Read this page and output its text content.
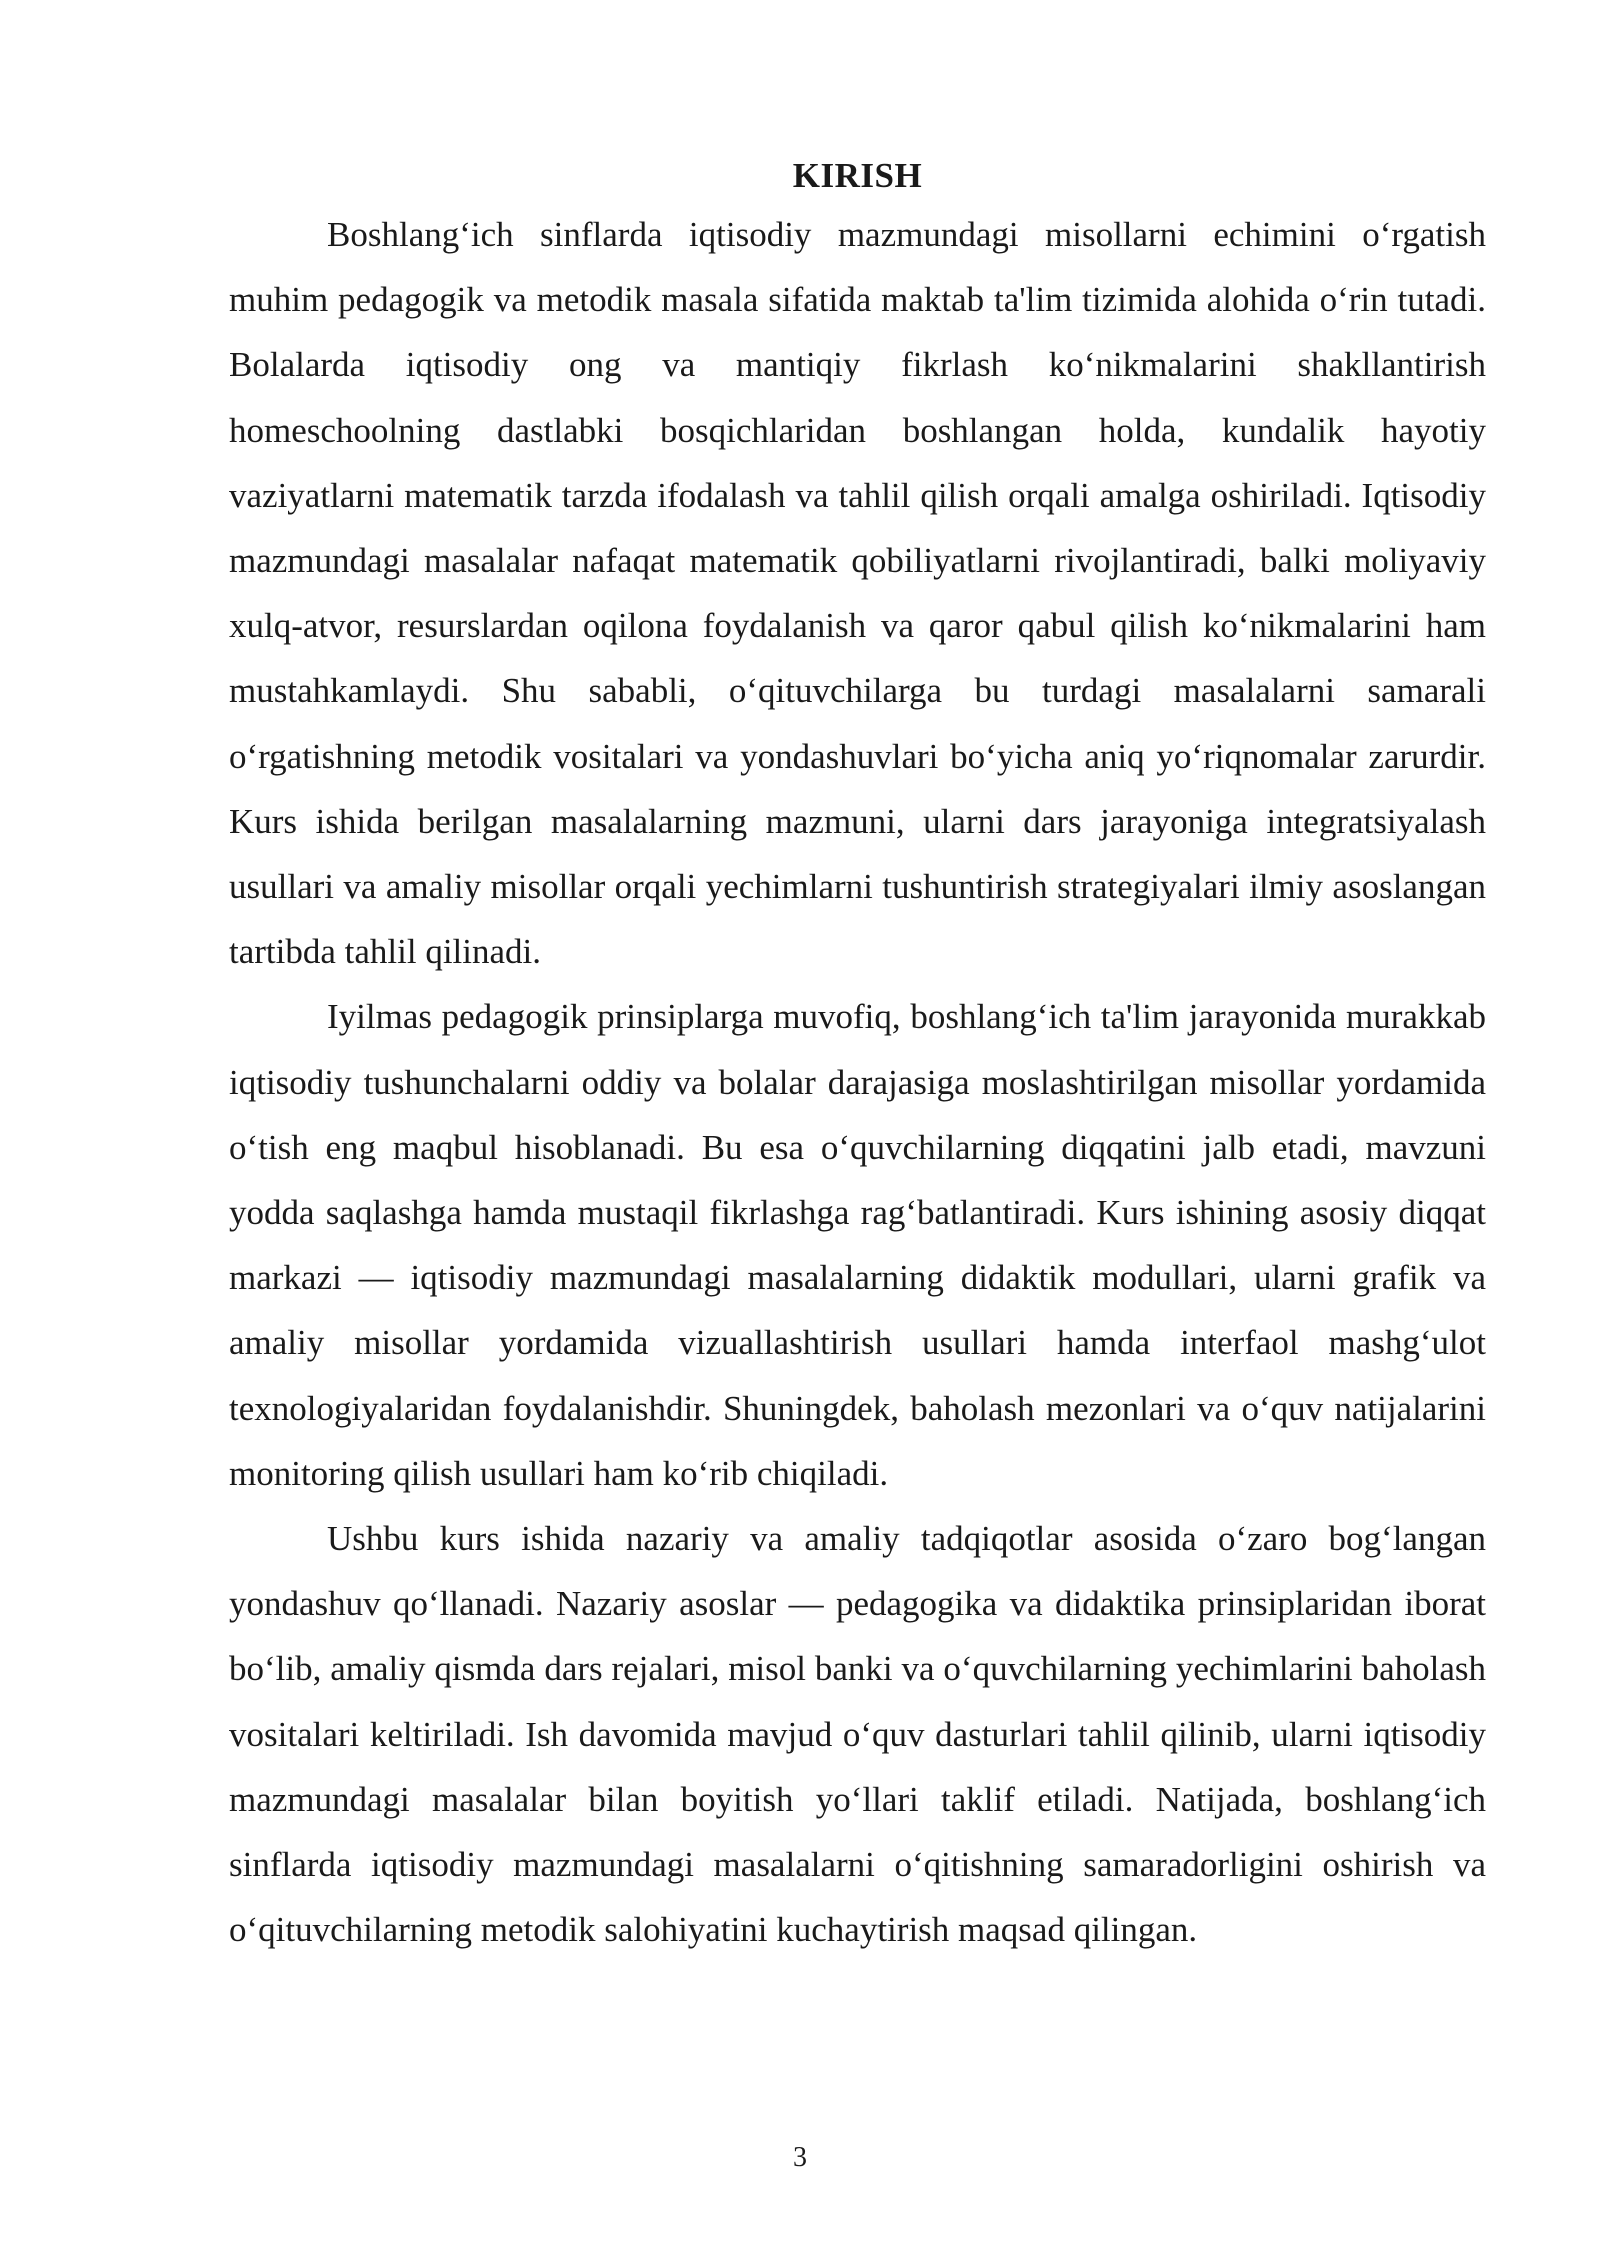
KIRISH

Boshlang‘ich sinflarda iqtisodiy mazmundagi misollarni echimini o‘rgatish muhim pedagogik va metodik masala sifatida maktab ta'lim tizimida alohida o‘rin tutadi. Bolalarda iqtisodiy ong va mantiqiy fikrlash ko‘nikmalarini shakllantirish homeschoolning dastlabki bosqichlaridan boshlangan holda, kundalik hayotiy vaziyatlarni matematik tarzda ifodalash va tahlil qilish orqali amalga oshiriladi. Iqtisodiy mazmundagi masalalar nafaqat matematik qobiliyatlarni rivojlantiradi, balki moliyaviy xulq-atvor, resurslardan oqilona foydalanish va qaror qabul qilish ko‘nikmalarini ham mustahkamlaydi. Shu sababli, o‘qituvchilarga bu turdagi masalalarni samarali o‘rgatishning metodik vositalari va yondashuvlari bo‘yicha aniq yo‘riqnomalar zarurdir. Kurs ishida berilgan masalalarning mazmuni, ularni dars jarayoniga integratsiyalash usullari va amaliy misollar orqali yechimlarni tushuntirish strategiyalari ilmiy asoslangan tartibda tahlil qilinadi.

Iyilmas pedagogik prinsiplarga muvofiq, boshlang‘ich ta'lim jarayonida murakkab iqtisodiy tushunchalarni oddiy va bolalar darajasiga moslashtirilgan misollar yordamida o‘tish eng maqbul hisoblanadi. Bu esa o‘quvchilarning diqqatini jalb etadi, mavzuni yodda saqlashga hamda mustaqil fikrlashga rag‘batlantiradi. Kurs ishining asosiy diqqat markazi — iqtisodiy mazmundagi masalalarning didaktik modullari, ularni grafik va amaliy misollar yordamida vizuallashtirish usullari hamda interfaol mashg‘ulot texnologiyalaridan foydalanishdir. Shuningdek, baholash mezonlari va o‘quv natijalarini monitoring qilish usullari ham ko‘rib chiqiladi.

Ushbu kurs ishida nazariy va amaliy tadqiqotlar asosida o‘zaro bog‘langan yondashuv qo‘llanadi. Nazariy asoslar — pedagogika va didaktika prinsiplaridan iborat bo‘lib, amaliy qismda dars rejalari, misol banki va o‘quvchilarning yechimlarini baholash vositalari keltiriladi. Ish davomida mavjud o‘quv dasturlari tahlil qilinib, ularni iqtisodiy mazmundagi masalalar bilan boyitish yo‘llari taklif etiladi. Natijada, boshlang‘ich sinflarda iqtisodiy mazmundagi masalalarni o‘qitishning samaradorligini oshirish va o‘qituvchilarning metodik salohiyatini kuchaytirish maqsad qilingan.

3
